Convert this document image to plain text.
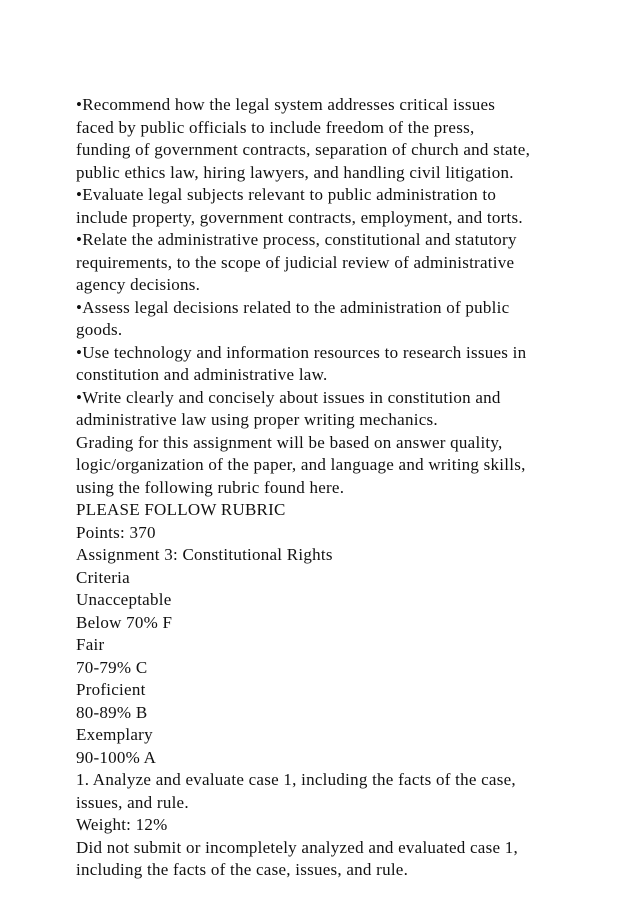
•Recommend how the legal system addresses critical issues
faced by public officials to include freedom of the press,
funding of government contracts, separation of church and state,
public ethics law, hiring lawyers, and handling civil litigation.
•Evaluate legal subjects relevant to public administration to
include property, government contracts, employment, and torts.
•Relate the administrative process, constitutional and statutory
requirements, to the scope of judicial review of administrative
agency decisions.
•Assess legal decisions related to the administration of public
goods.
•Use technology and information resources to research issues in
constitution and administrative law.
•Write clearly and concisely about issues in constitution and
administrative law using proper writing mechanics.
Grading for this assignment will be based on answer quality,
logic/organization of the paper, and language and writing skills,
using the following rubric found here.
PLEASE FOLLOW RUBRIC
Points: 370
Assignment 3: Constitutional Rights
Criteria
Unacceptable
Below 70% F
Fair
70-79% C
Proficient
80-89% B
Exemplary
90-100% A
1. Analyze and evaluate case 1, including the facts of the case,
issues, and rule.
Weight: 12%
Did not submit or incompletely analyzed and evaluated case 1,
including the facts of the case, issues, and rule.
